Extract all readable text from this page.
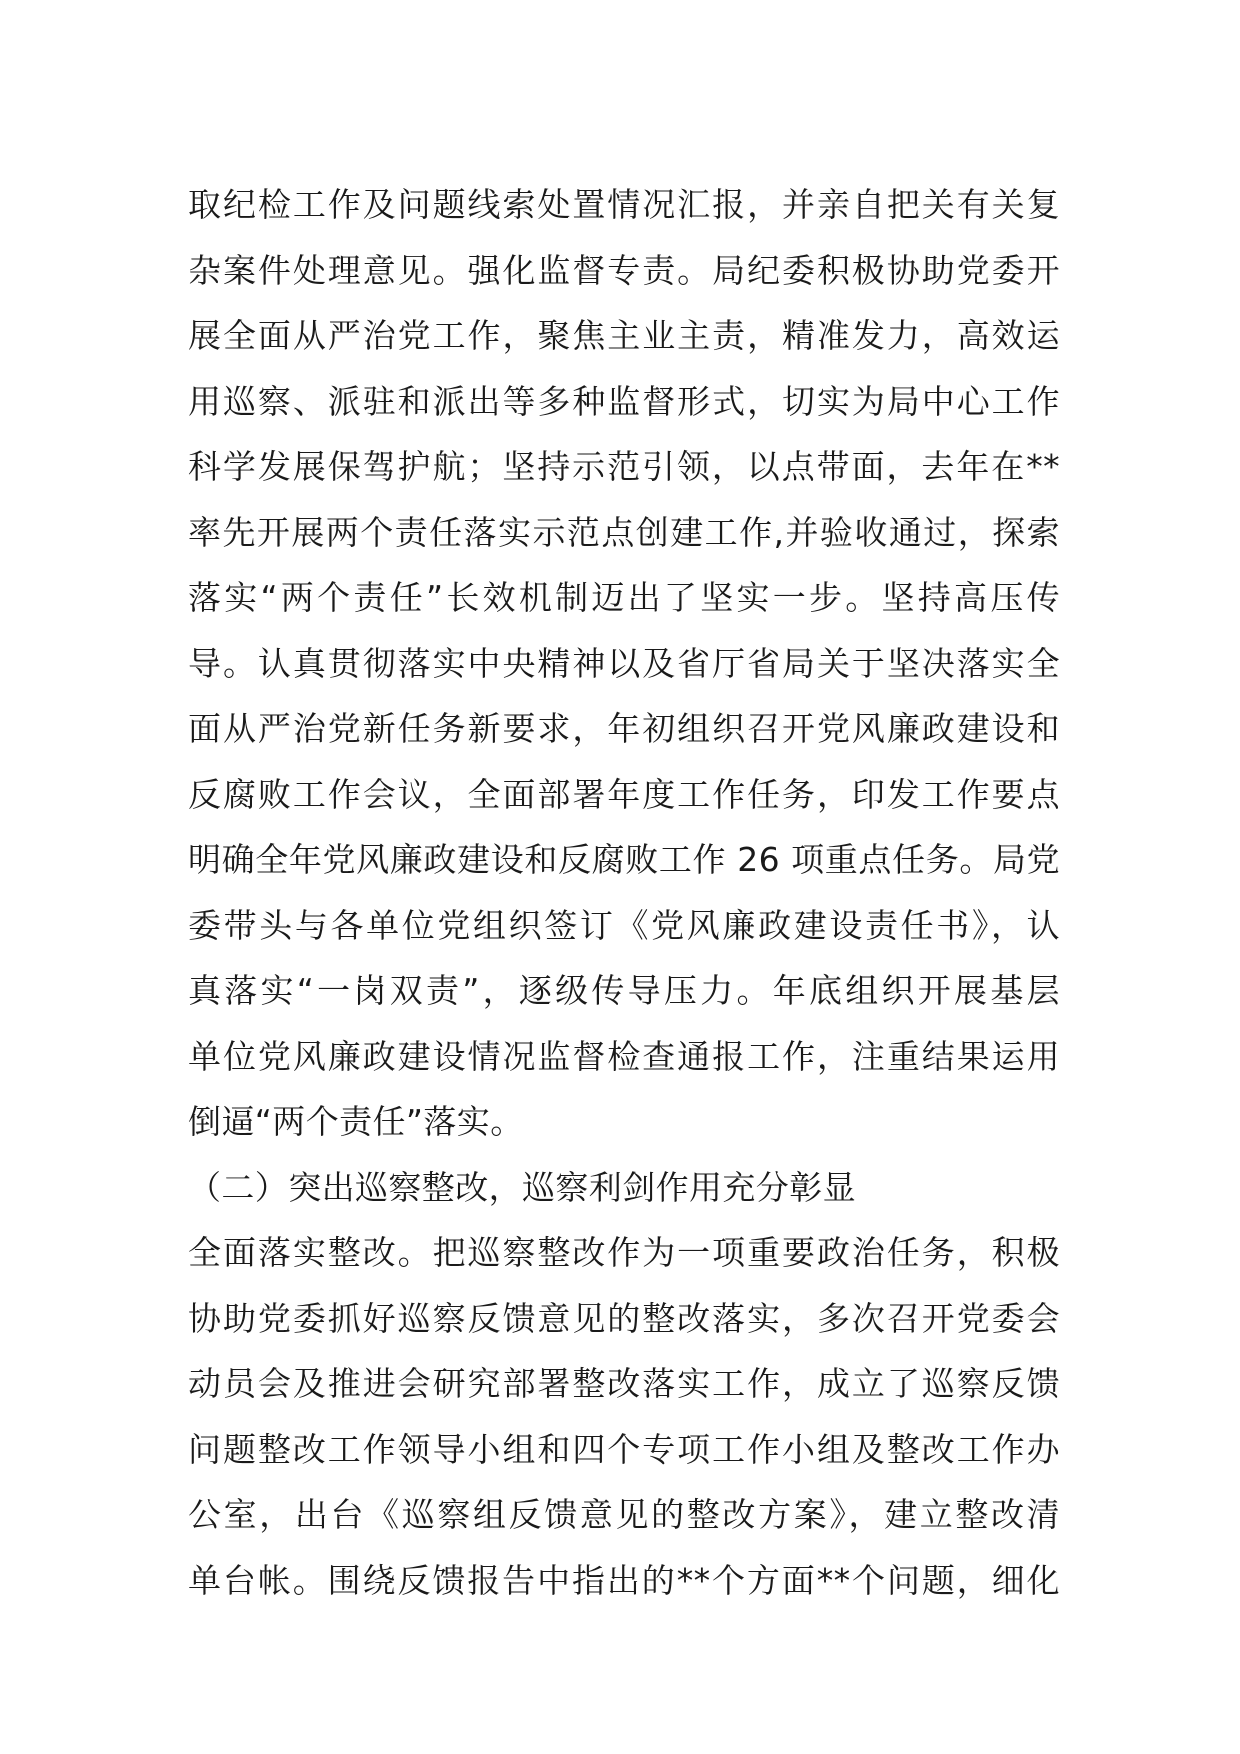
取纪检工作及问题线索处置情况汇报，并亲自把关有关复
杂案件处理意见。强化监督专责。局纪委积极协助党委开
展全面从严治党工作，聚焦主业主责，精准发力，高效运
用巡察、派驻和派出等多种监督形式，切实为局中心工作
科学发展保驾护航；坚持示范引领，以点带面，去年在**
率先开展两个责任落实示范点创建工作,并验收通过，探索
落实“两个责任”长效机制迈出了坚实一步。坚持高压传
导。认真贯彻落实中央精神以及省厅省局关于坚决落实全
面从严治党新任务新要求，年初组织召开党风廉政建设和
反腐败工作会议，全面部署年度工作任务，印发工作要点
明确全年党风廉政建设和反腐败工作 26 项重点任务。局党
委带头与各单位党组织签订《党风廉政建设责任书》，认
真落实“一岗双责”，逐级传导压力。年底组织开展基层
单位党风廉政建设情况监督检查通报工作，注重结果运用
倒逼“两个责任”落实。
（二）突出巡察整改，巡察利剑作用充分彰显
全面落实整改。把巡察整改作为一项重要政治任务，积极
协助党委抓好巡察反馈意见的整改落实，多次召开党委会
动员会及推进会研究部署整改落实工作，成立了巡察反馈
问题整改工作领导小组和四个专项工作小组及整改工作办
公室，出台《巡察组反馈意见的整改方案》，建立整改清
单台帐。围绕反馈报告中指出的**个方面**个问题，细化
